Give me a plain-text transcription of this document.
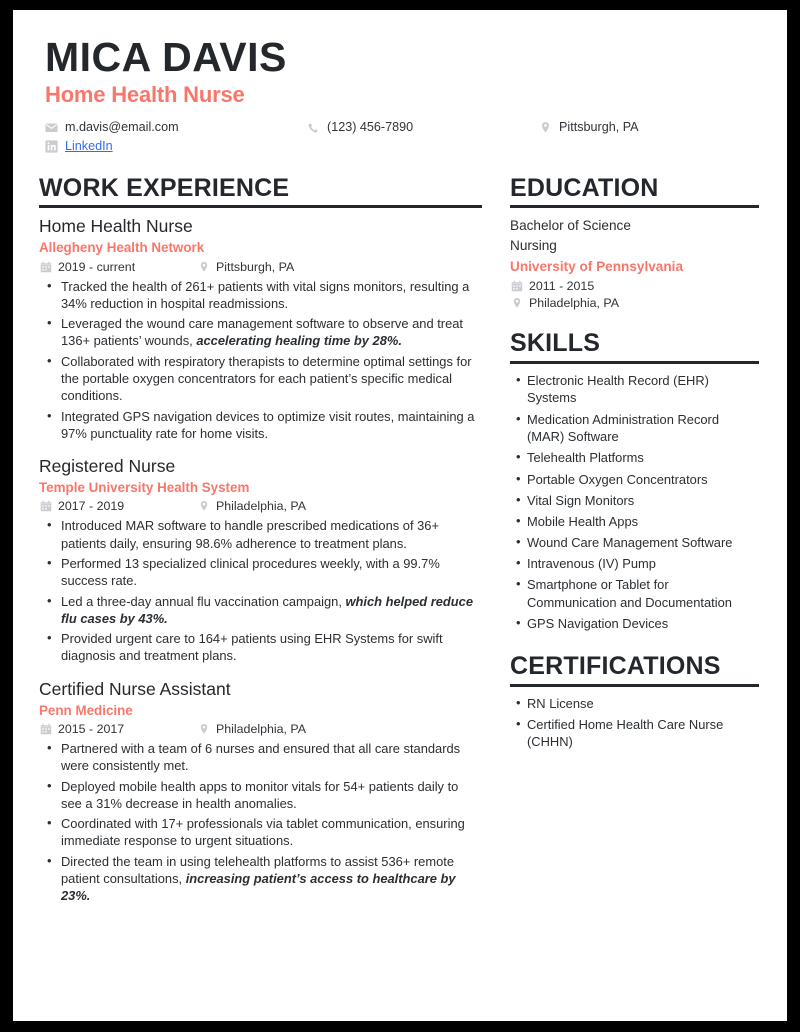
MICA DAVIS
Home Health Nurse
m.davis@email.com	(123) 456-7890	Pittsburgh, PA
LinkedIn
WORK EXPERIENCE
Home Health Nurse
Allegheny Health Network
2019 - current	Pittsburgh, PA
• Tracked the health of 261+ patients with vital signs monitors, resulting a 34% reduction in hospital readmissions.
• Leveraged the wound care management software to observe and treat 136+ patients’ wounds, accelerating healing time by 28%.
• Collaborated with respiratory therapists to determine optimal settings for the portable oxygen concentrators for each patient’s specific medical conditions.
• Integrated GPS navigation devices to optimize visit routes, maintaining a 97% punctuality rate for home visits.
Registered Nurse
Temple University Health System
2017 - 2019	Philadelphia, PA
• Introduced MAR software to handle prescribed medications of 36+ patients daily, ensuring 98.6% adherence to treatment plans.
• Performed 13 specialized clinical procedures weekly, with a 99.7% success rate.
• Led a three-day annual flu vaccination campaign, which helped reduce flu cases by 43%.
• Provided urgent care to 164+ patients using EHR Systems for swift diagnosis and treatment plans.
Certified Nurse Assistant
Penn Medicine
2015 - 2017	Philadelphia, PA
• Partnered with a team of 6 nurses and ensured that all care standards were consistently met.
• Deployed mobile health apps to monitor vitals for 54+ patients daily to see a 31% decrease in health anomalies.
• Coordinated with 17+ professionals via tablet communication, ensuring immediate response to urgent situations.
• Directed the team in using telehealth platforms to assist 536+ remote patient consultations, increasing patient’s access to healthcare by 23%.
EDUCATION
Bachelor of Science
Nursing
University of Pennsylvania
2011 - 2015
Philadelphia, PA
SKILLS
• Electronic Health Record (EHR) Systems
• Medication Administration Record (MAR) Software
• Telehealth Platforms
• Portable Oxygen Concentrators
• Vital Sign Monitors
• Mobile Health Apps
• Wound Care Management Software
• Intravenous (IV) Pump
• Smartphone or Tablet for Communication and Documentation
• GPS Navigation Devices
CERTIFICATIONS
• RN License
• Certified Home Health Care Nurse (CHHN)
